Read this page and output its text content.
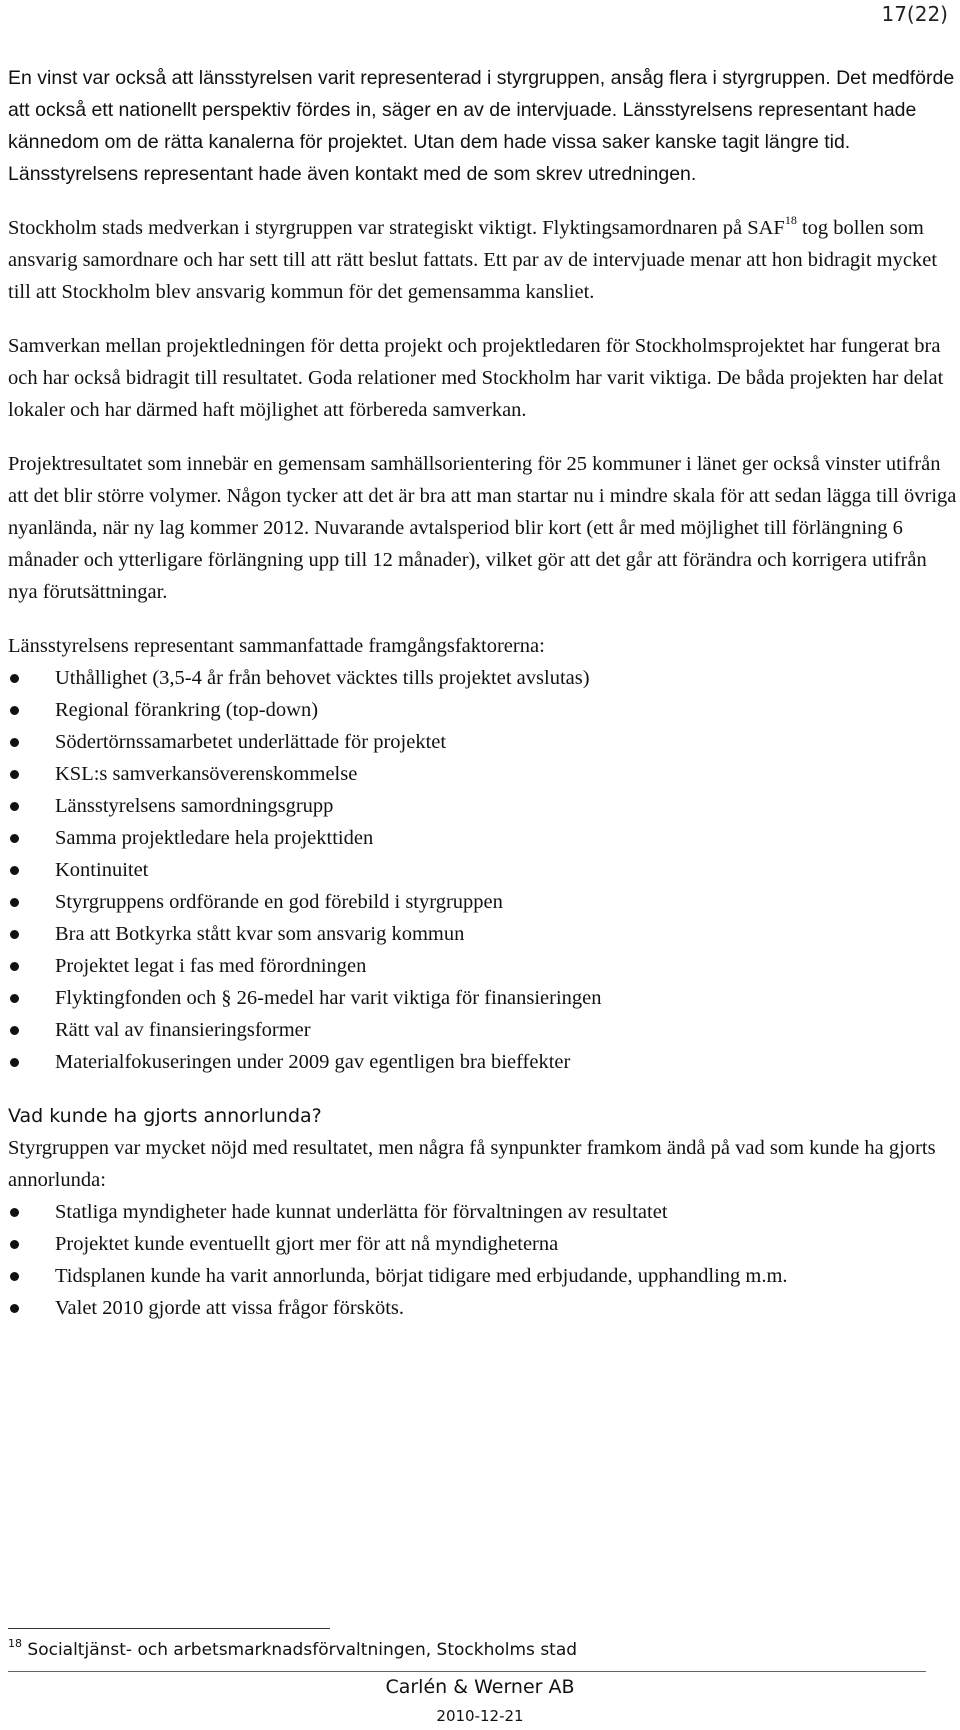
17(22)

En vinst var också att länsstyrelsen varit representerad i styrgruppen, ansåg flera i styrgruppen. Det medförde att också ett nationellt perspektiv fördes in, säger en av de intervjuade. Länsstyrelsens representant hade kännedom om de rätta kanalerna för projektet. Utan dem hade vissa saker kanske tagit längre tid. Länsstyrelsens representant hade även kontakt med de som skrev utredningen.

Stockholm stads medverkan i styrgruppen var strategiskt viktigt. Flyktingsamordnaren på SAF$^{18}$ tog bollen som ansvarig samordnare och har sett till att rätt beslut fattats. Ett par av de intervjuade menar att hon bidragit mycket till att Stockholm blev ansvarig kommun för det gemensamma kansliet.

Samverkan mellan projektledningen för detta projekt och projektledaren för Stockholmsprojektet har fungerat bra och har också bidragit till resultatet. Goda relationer med Stockholm har varit viktiga. De båda projekten har delat lokaler och har därmed haft möjlighet att förbereda samverkan.

Projektresultatet som innebär en gemensam samhällsorientering för 25 kommuner i länet ger också vinster utifrån att det blir större volymer. Någon tycker att det är bra att man startar nu i mindre skala för att sedan lägga till övriga nyanlända, när ny lag kommer 2012. Nuvarande avtalsperiod blir kort (ett år med möjlighet till förlängning 6 månader och ytterligare förlängning upp till 12 månader), vilket gör att det går att förändra och korrigera utifrån nya förutsättningar.

Länsstyrelsens representant sammanfattade framgångsfaktorerna:

Uthållighet (3,5-4 år från behovet väcktes tills projektet avslutas)
Regional förankring (top-down)
Södertörnssamarbetet underlättade för projektet
KSL:s samverkansöverenskommelse
Länsstyrelsens samordningsgrupp
Samma projektledare hela projekttiden
Kontinuitet
Styrgruppens ordförande en god förebild i styrgruppen
Bra att Botkyrka stått kvar som ansvarig kommun
Projektet legat i fas med förordningen
Flyktingfonden och § 26-medel har varit viktiga för finansieringen
Rätt val av finansieringsformer
Materialfokuseringen under 2009 gav egentligen bra bieffekter
Vad kunde ha gjorts annorlunda?

Styrgruppen var mycket nöjd med resultatet, men några få synpunkter framkom ändå på vad som kunde ha gjorts annorlunda:

Statliga myndigheter hade kunnat underlätta för förvaltningen av resultatet
Projektet kunde eventuellt gjort mer för att nå myndigheterna
Tidsplanen kunde ha varit annorlunda, börjat tidigare med erbjudande, upphandling m.m.
Valet 2010 gjorde att vissa frågor försköts.
$^{18}$ Socialtjänst- och arbetsmarknadsförvaltningen, Stockholms stad
Carlén & Werner AB
2010-12-21
